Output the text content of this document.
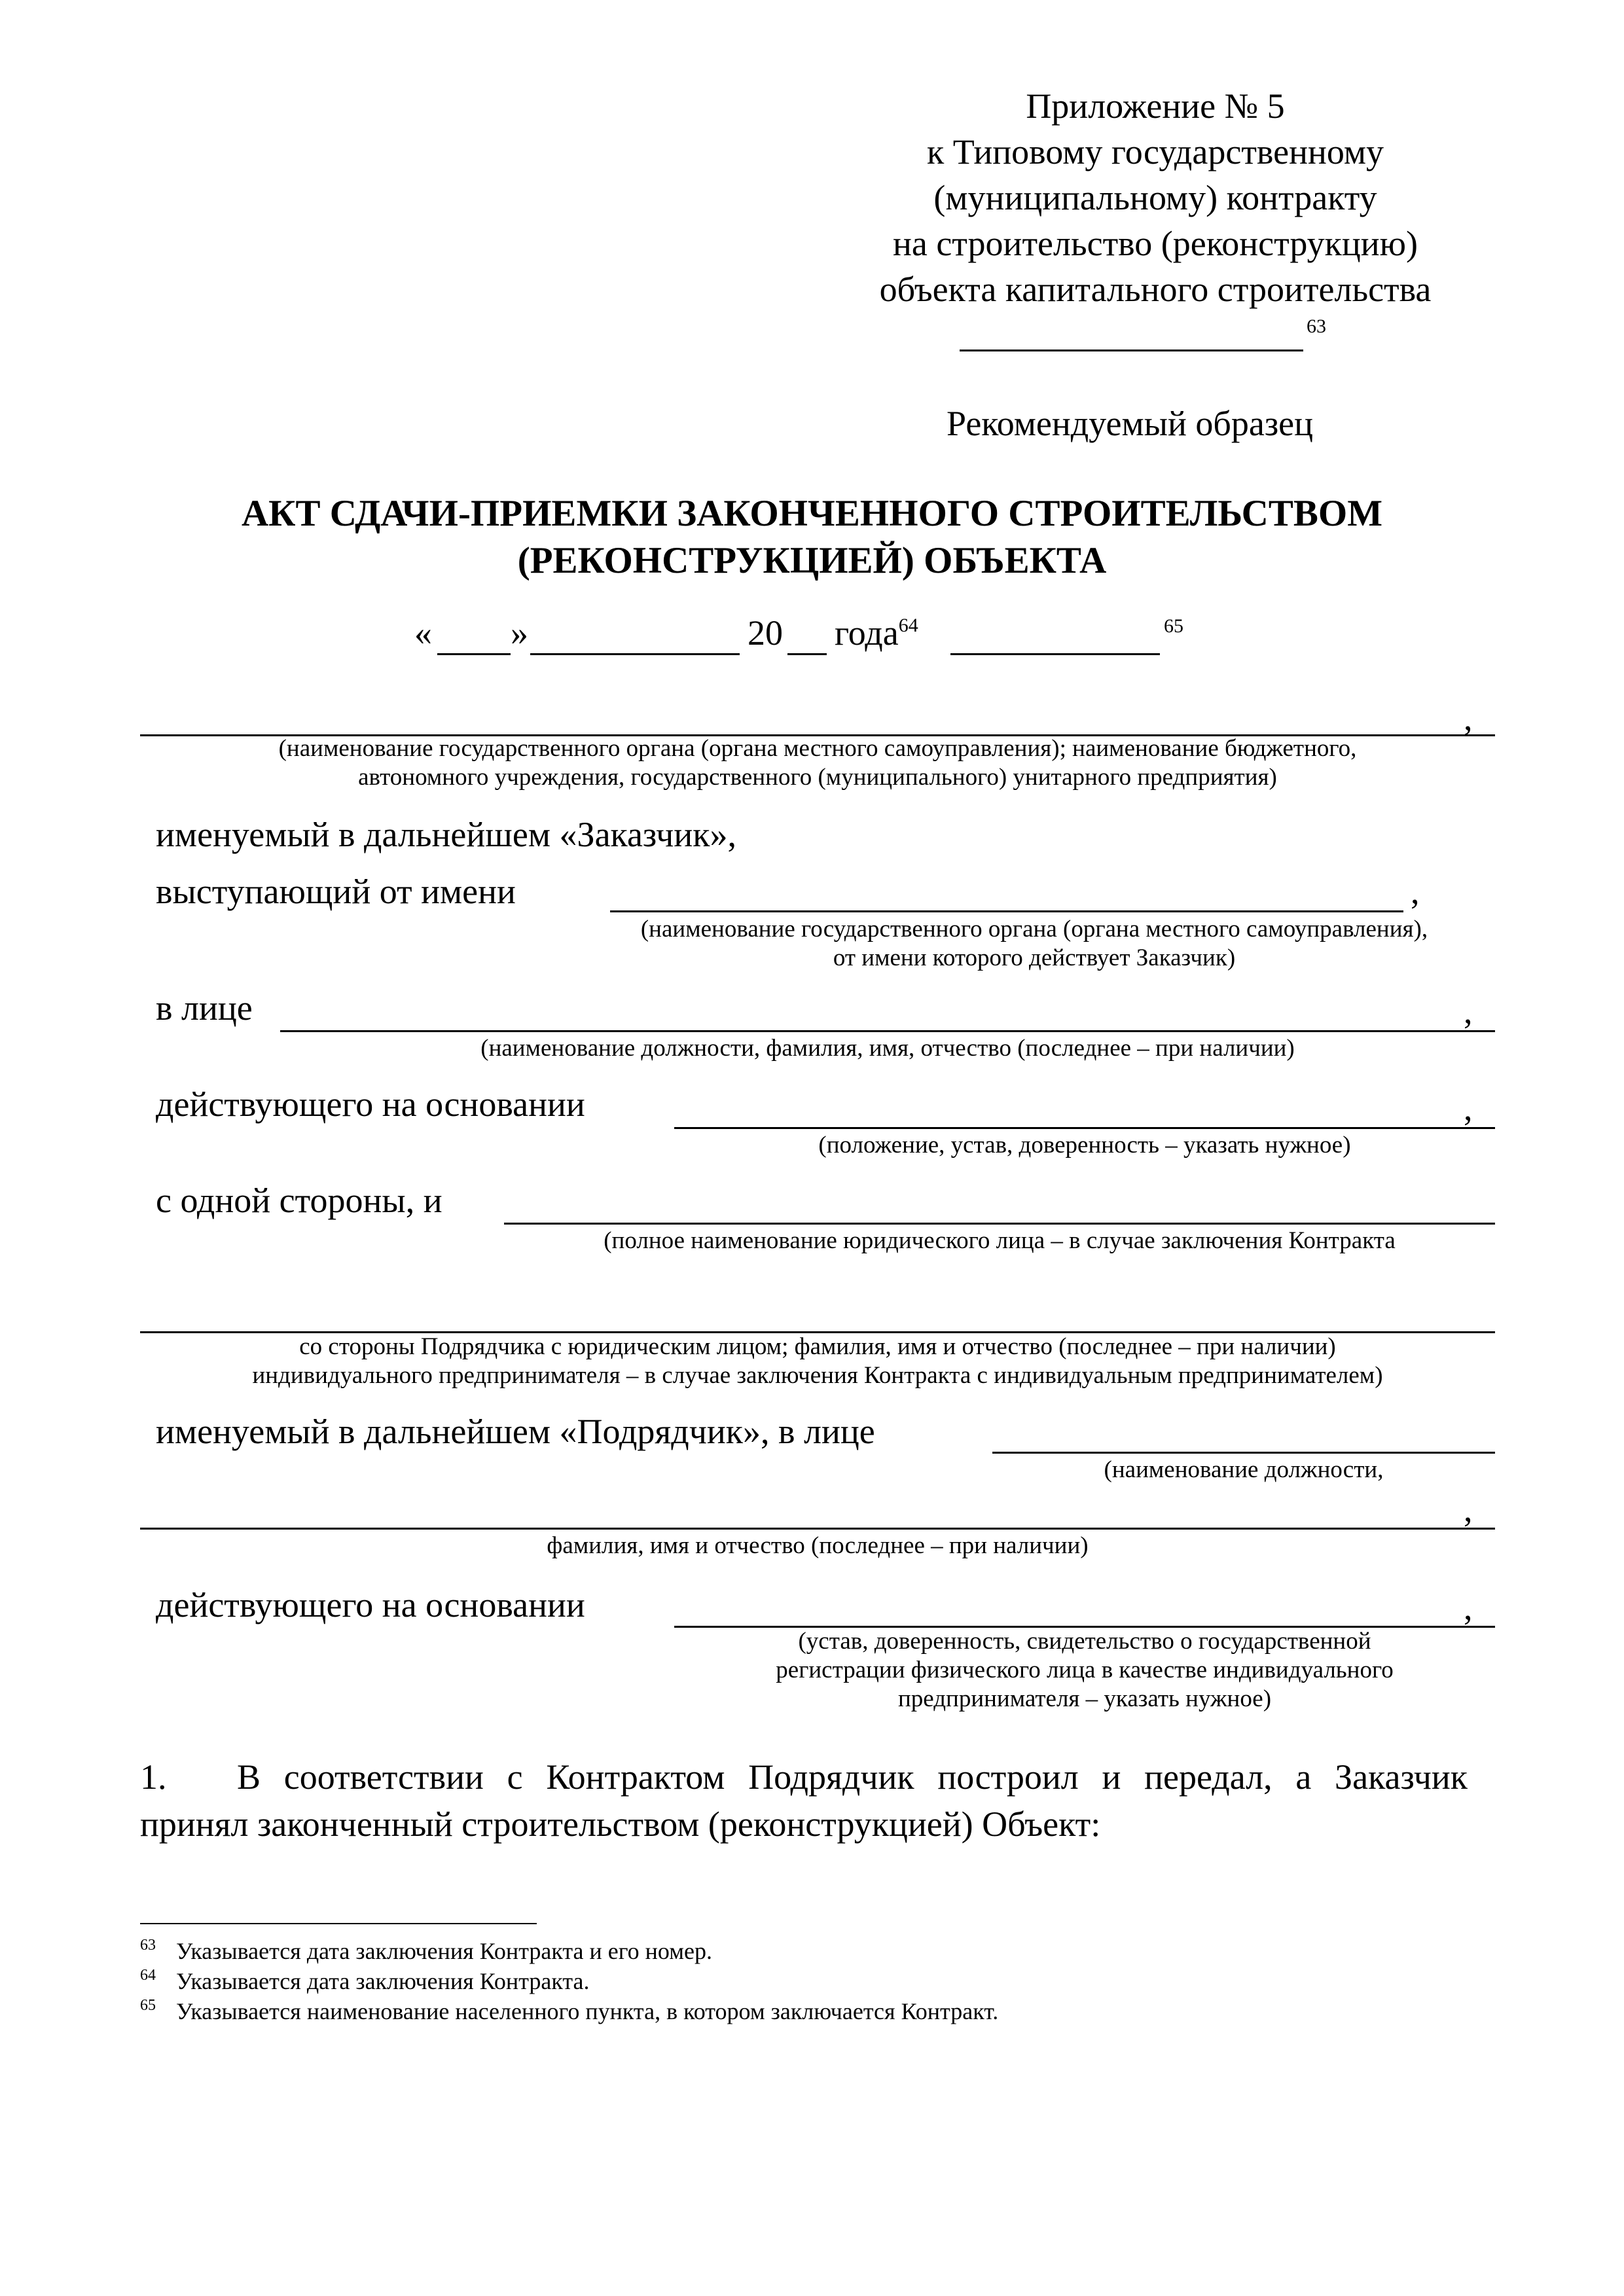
Приложение № 5
к Типовому государственному
(муниципальному) контракту
на строительство (реконструкцию)
объекта капитального строительства
63
Рекомендуемый образец
АКТ СДАЧИ-ПРИЕМКИ ЗАКОНЧЕННОГО СТРОИТЕЛЬСТВОМ
(РЕКОНСТРУКЦИЕЙ) ОБЪЕКТА
« »	20 года$^{64}$	65
,
(наименование государственного органа (органа местного самоуправления); наименование бюджетного,
автономного учреждения, государственного (муниципального) унитарного предприятия)
именуемый в дальнейшем «Заказчик»,
выступающий от имени	,
(наименование государственного органа (органа местного самоуправления),
от имени которого действует Заказчик)
в лице	,
(наименование должности, фамилия, имя, отчество (последнее – при наличии)
действующего на основании	,
(положение, устав, доверенность – указать нужное)
с одной стороны, и
(полное наименование юридического лица – в случае заключения Контракта
со стороны Подрядчика с юридическим лицом; фамилия, имя и отчество (последнее – при наличии)
индивидуального предпринимателя – в случае заключения Контракта с индивидуальным предпринимателем)
именуемый в дальнейшем «Подрядчик», в лице
(наименование должности,
,
фамилия, имя и отчество (последнее – при наличии)
действующего на основании	,
(устав, доверенность, свидетельство о государственной
регистрации физического лица в качестве индивидуального
предпринимателя – указать нужное)
1. В соответствии с Контрактом Подрядчик построил и передал, а Заказчик
принял законченный строительством (реконструкцией) Объект:
$^{63}$ Указывается дата заключения Контракта и его номер.
$^{64}$ Указывается дата заключения Контракта.
$^{65}$ Указывается наименование населенного пункта, в котором заключается Контракт.
